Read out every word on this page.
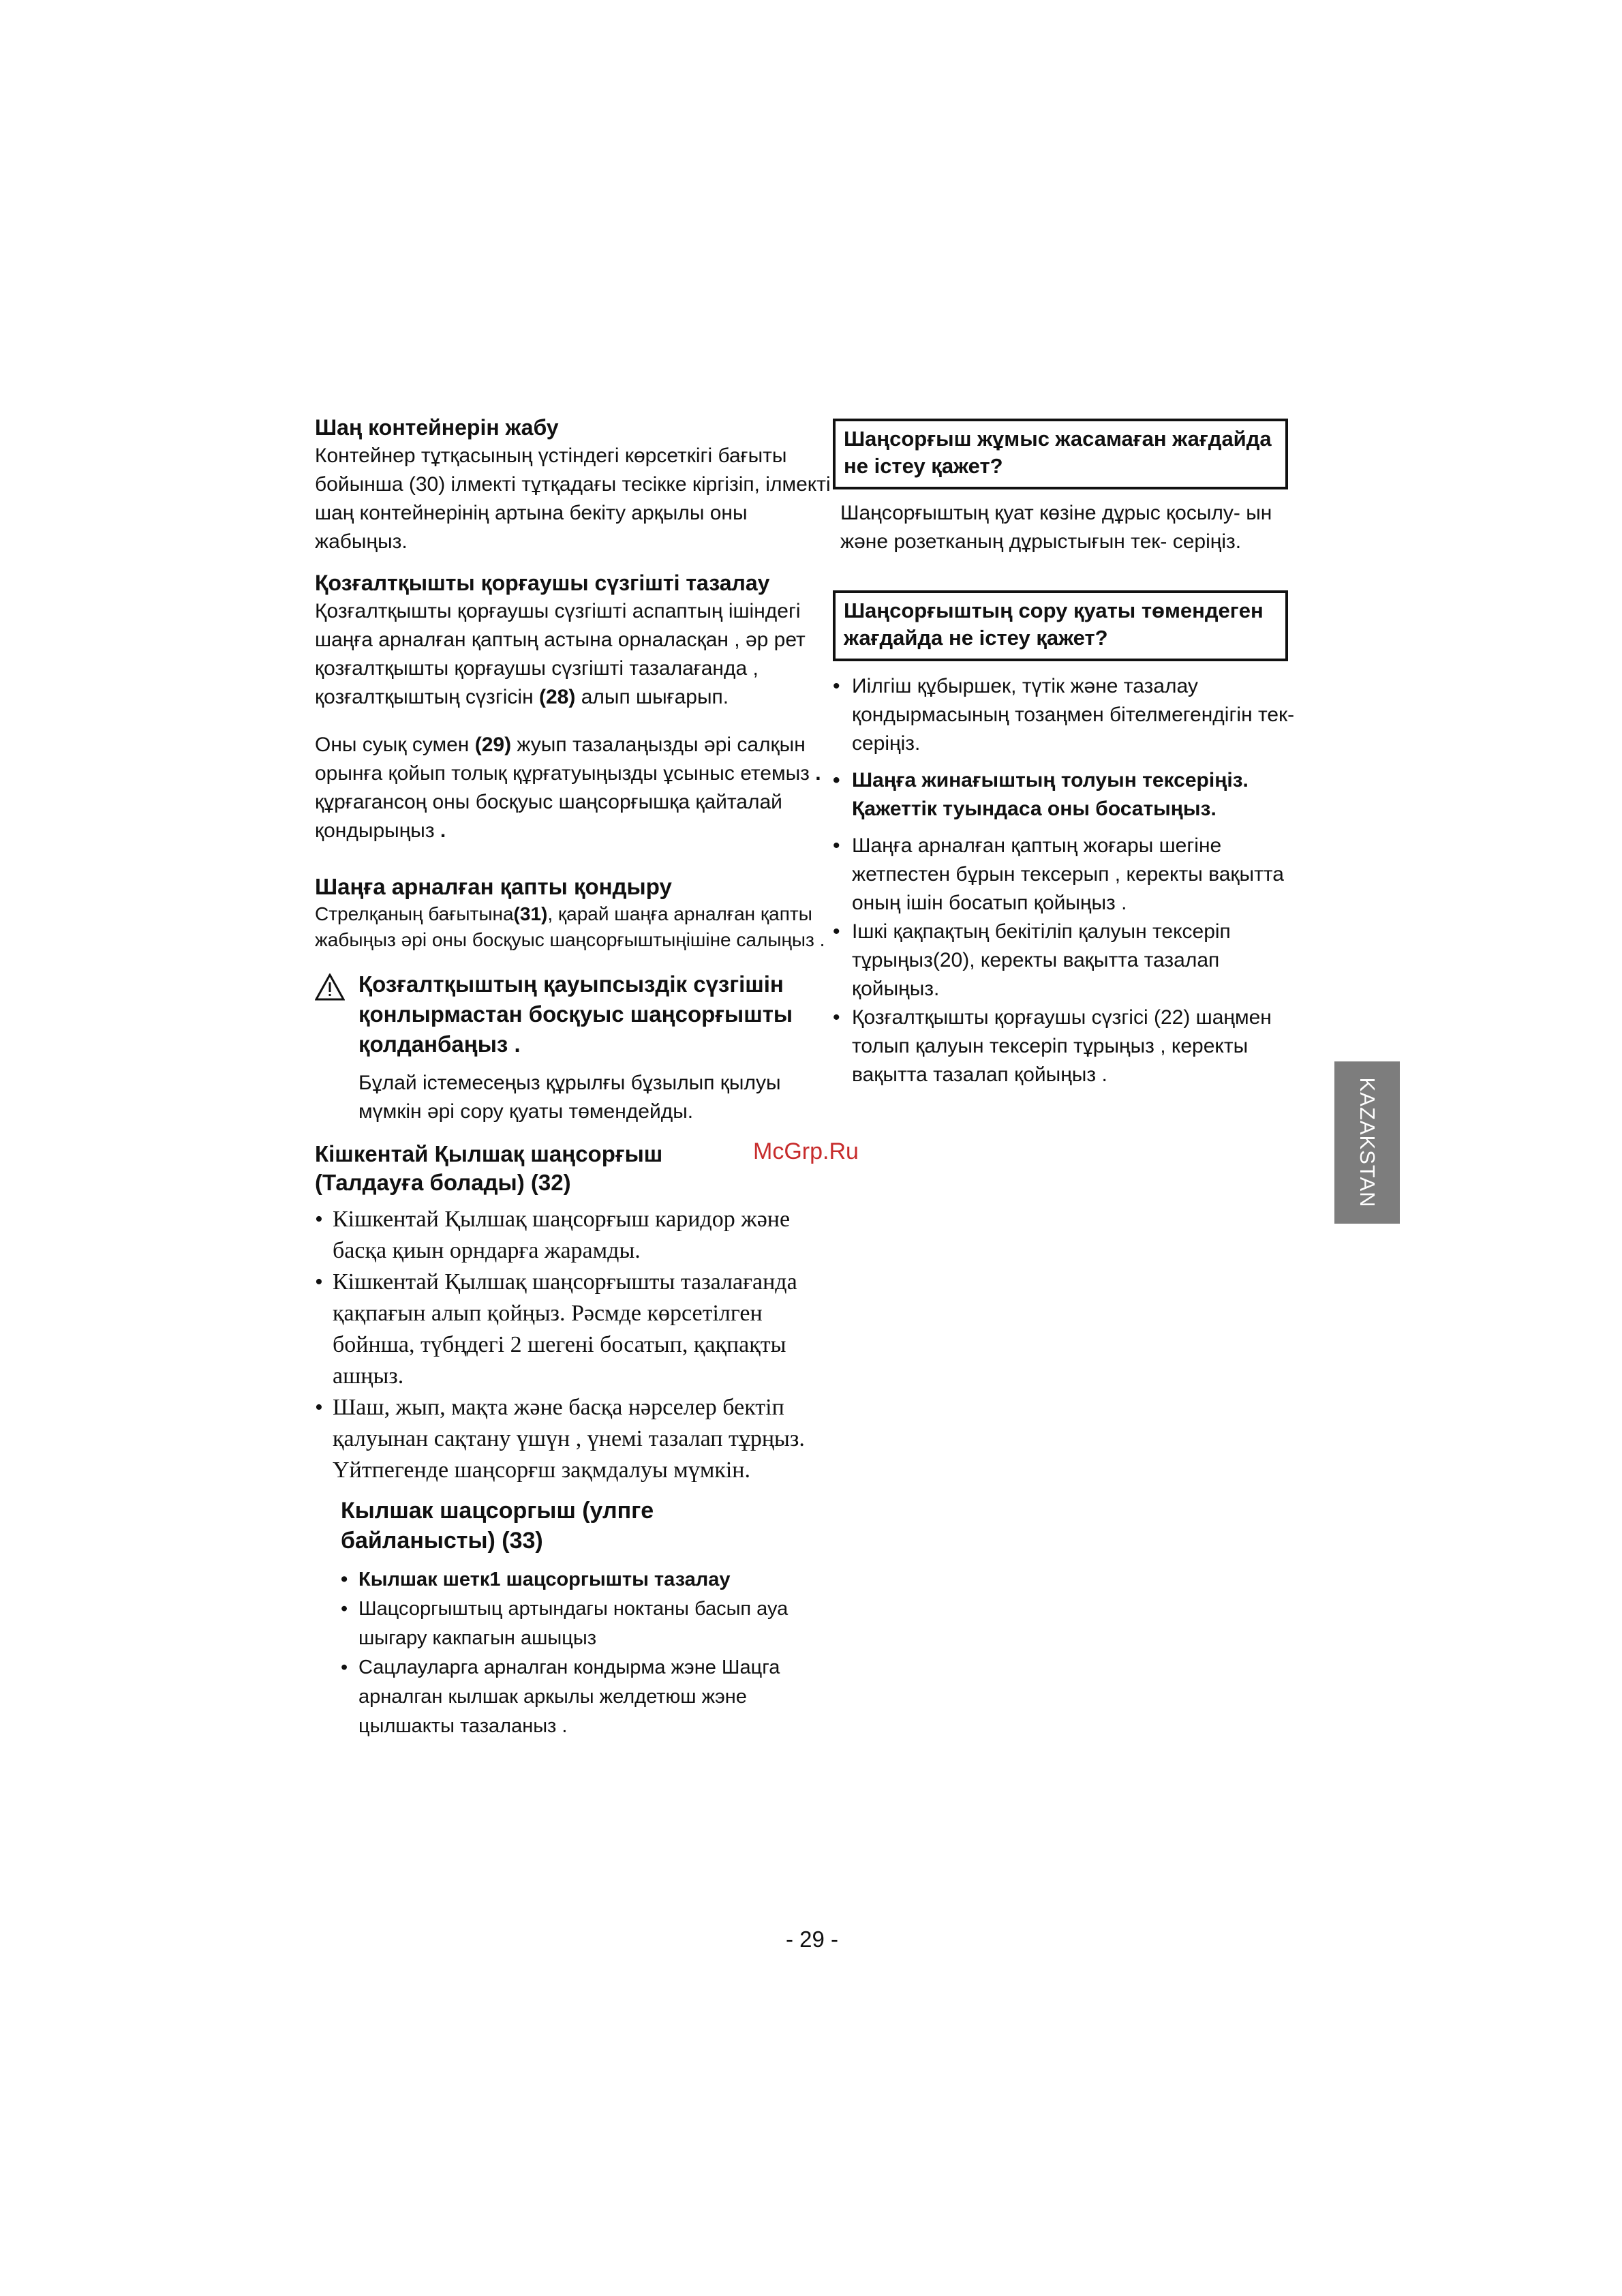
Шаң контейнерін жабу

Контейнер тұтқасының үстіндегі көрсеткігі бағыты бойынша (30) ілмекті тұтқадағы тесікке кіргізіп, ілмекті шаң контейнерінің артына бекіту арқылы оны жабыңыз.

Қозғалтқышты қорғаушы сүзгішті тазалау

Қозғалтқышты қорғаушы сүзгішті аспаптың ішіндегі шаңға арналған қаптың астына орналасқан , әр рет қозғалтқышты қорғаушы сүзгішті тазалағанда , қозғалтқыштың сүзгісін (28) алып шығарып.

Оны суық сумен (29) жуып тазалаңызды әрі салқын орынға қойып толық құрғатуыңызды ұсыныс етемыз .
құрғаганcоң оны босқуыс шаңсорғышқа қайталай қондырыңыз .

Шаңға арналған қапты қондыру

Стрелқаның бағытына(31), қарай шаңға арналған қапты жабыңыз әрі оны босқуыс шаңсорғыштыңішіне салыңыз .

Қозғалтқыштың қауыпсыздік сүзгішін қонлырмастан босқуыс шаңсорғышты қолданбаңыз .

Бұлай істемесеңыз құрылғы бұзылып қылуы мүмкін әрі сору қуаты төмендейды.

Кішкентай Қылшақ шаңсорғыш
(Талдауға болады) (32)

• Кішкентай Қылшақ шаңсорғыш каридор және басқа қиын орндарға жарамды.
• Кішкентай Қылшақ шаңсорғышты тазалағанда қақпағын алып қойңыз. Рәсмде көрсетілген бойнша, түбңдегі 2 шегені босатып, қақпақты ашңыз.
• Шаш, жып, мақта және басқа нәрселер бектіп қалуынан сақтану үшүн , үнемі тазалап тұрңыз. Үйтпегенде шаңсорғш зақмдалуы мүмкін.

Кылшак шацсоргыш (улпге
байланысты) (33)

• Кылшак шетк1 шацсоргышты тазалау
• Шацсоргыштыц артындагы ноктаны басып ауа шыгару какпагын ашыцыз
• Сацлауларга арналган кондырма жэне Шацга арналган кылшак аркылы желдетюш жэне цылшакты тазаланыз .
Шаңсорғыш жұмыс жасамаған жағдайда не істеу қажет?

Шаңсорғыштың қуат көзіне дұрыс қосылу- ын және розетканың дұрыстығын тек- серіңіз.

Шаңсорғыштың сору қуаты төмендеген жағдайда не істеу қажет?
• Иілгіш құбыршек, түтік және тазалау қондырмасының тозаңмен бітелмегендігін тек- серіңіз.
• Шаңға жинағыштың толуын тексеріңіз. Қажеттік туындаса оны босатыңыз.
• Шаңға арналған қаптың жоғары шегіне жетпестен бұрын тексерып , керекты вақытта оның ішін босатып қойыңыз .
• Ішкі қақпақтың бекітіліп қалуын тексеріп тұрыңыз(20), керекты вақытта тазалап қойыңыз.
• Қозғалтқышты қорғаушы сүзгісі (22) шаңмен толып қалуын тексеріп тұрыңыз , керекты вақытта тазалап қойыңыз .
KAZAKSTAN
McGrp.Ru
- 29 -
